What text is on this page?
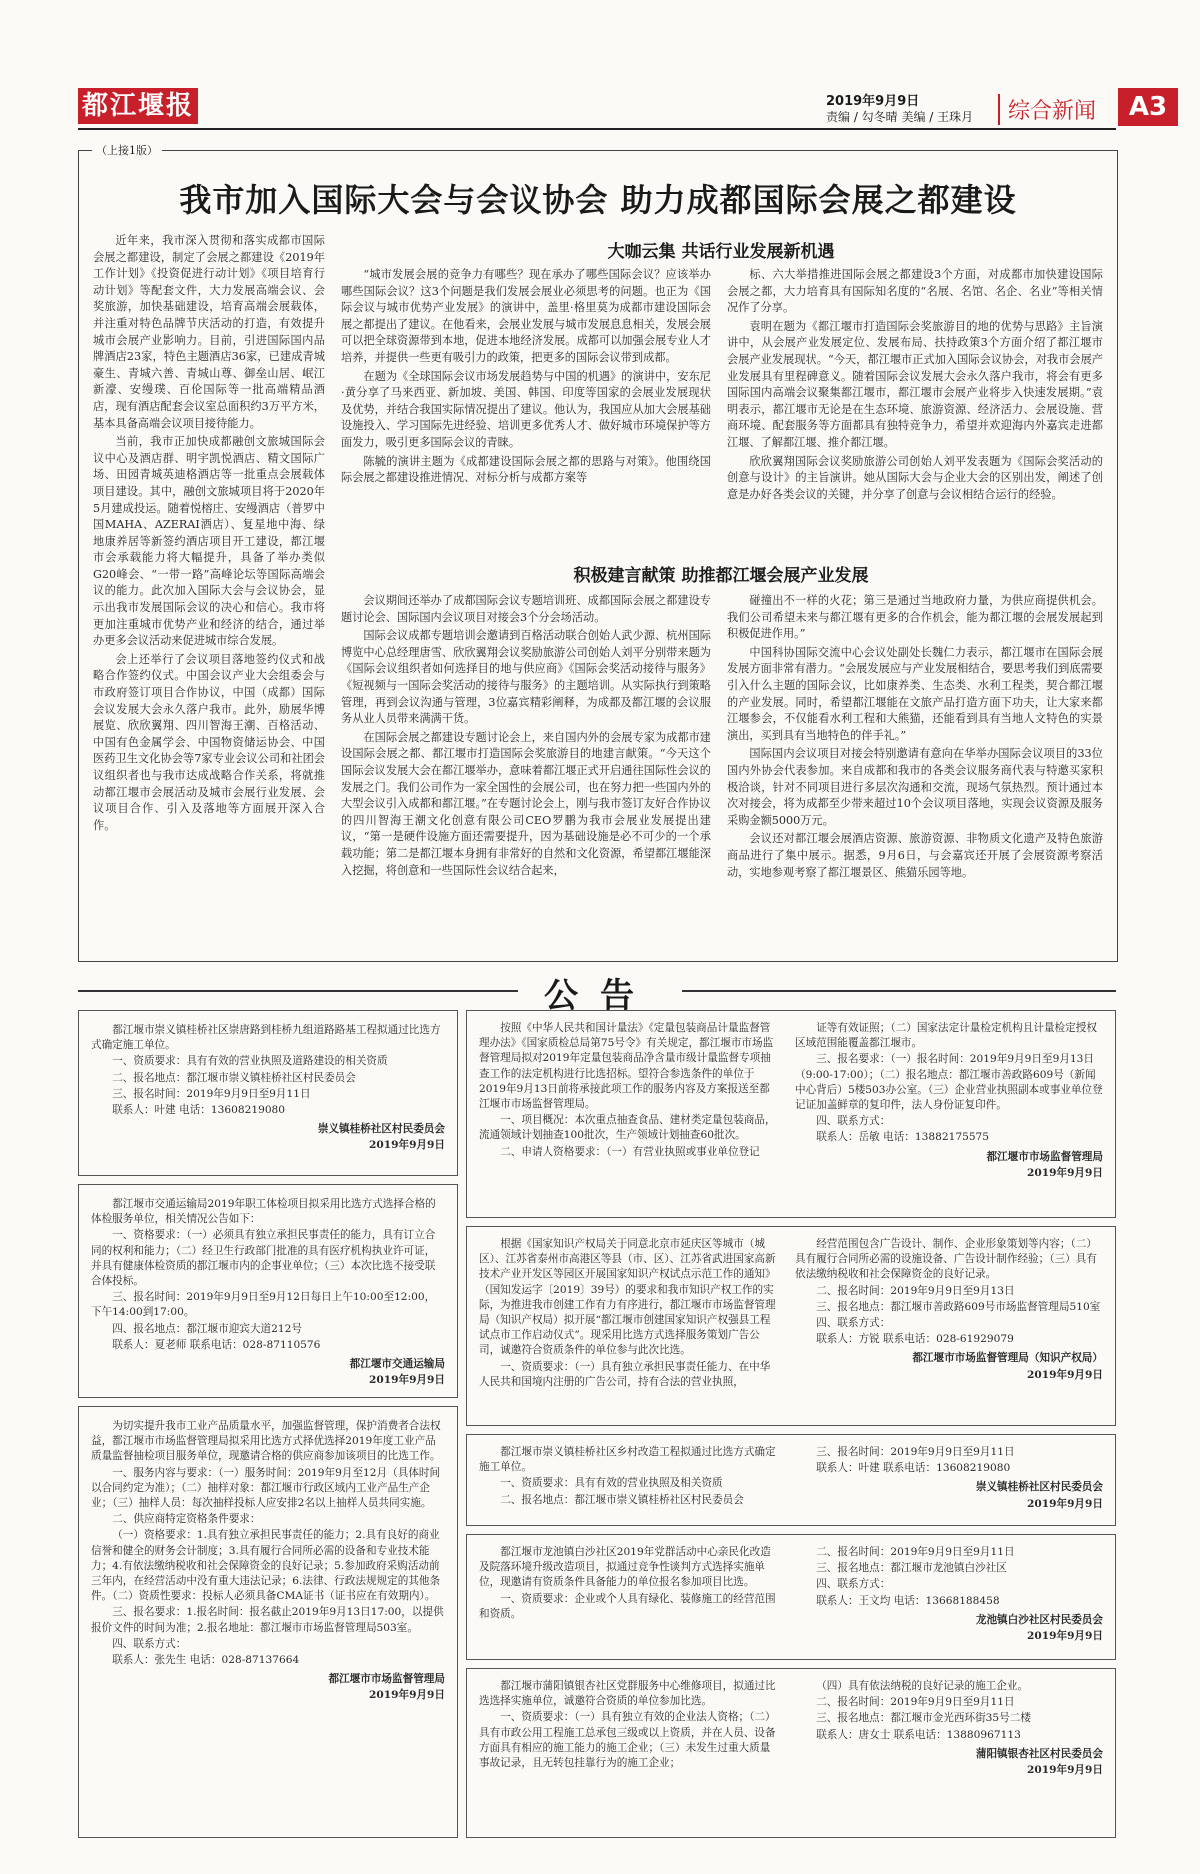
都江堰报	2019年9月9日
责编 / 勾冬晴 美编 / 王珠月	综合新闻	A3
我市加入国际大会与会议协会 助力成都国际会展之都建设

近年来，我市深入贯彻和落实成都市国际会展之都建设，制定了会展之都建设《2019年工作计划》《投资促进行动计划》《项目培育行动计划》等配套文件，大力发展高端会议、会奖旅游，加快基础建设，培育高端会展载体，并注重对特色品牌节庆活动的打造，有效提升城市会展产业影响力。目前，引进国际国内品牌酒店23家，特色主题酒店36家，已建成青城豪生、青城六善、青城山尊、御垒山居、岷江新濠、安缦璞、百伦国际等一批高端精品酒店，现有酒店配套会议室总面积约3万平方米，基本具备高端会议项目接待能力。

当前，我市正加快成都融创文旅城国际会议中心及酒店群、明宇凯悦酒店、精文国际广场、田园青城英迪格酒店等一批重点会展载体项目建设。其中，融创文旅城项目将于2020年5月建成投运。随着悦榕庄、安缦酒店（普罗中国MAHA、AZERAI酒店）、复星地中海、绿地康养居等新签约酒店项目开工建设，都江堰市会承载能力将大幅提升，具备了举办类似G20峰会、“一带一路”高峰论坛等国际高端会议的能力。此次加入国际大会与会议协会，显示出我市发展国际会议的决心和信心。我市将更加注重城市优势产业和经济的结合，通过举办更多会议活动来促进城市综合发展。

会上还举行了会议项目落地签约仪式和战略合作签约仪式。中国会议产业大会组委会与市政府签订项目合作协议，中国（成都）国际会议发展大会永久落户我市。此外，励展华博展览、欣欣翼翔、四川智海王潮、百格活动、中国有色金属学会、中国物资储运协会、中国医药卫生文化协会等7家专业会议公司和社团会议组织者也与我市达成战略合作关系，将就推动都江堰市会展活动及城市会展行业发展、会议项目合作、引入及落地等方面展开深入合作。

大咖云集 共话行业发展新机遇

“城市发展会展的竞争力有哪些？现在承办了哪些国际会议？应该举办哪些国际会议？这3个问题是我们发展会展业必须思考的问题。也正为《国际会议与城市优势产业发展》的演讲中，盖里·格里莫为成都市建设国际会展之都提出了建议。在他看来，会展业发展与城市发展息息相关，发展会展可以把全球资源带到本地，促进本地经济发展。成都可以加强会展专业人才培养，并提供一些更有吸引力的政策，把更多的国际会议带到成都。

在题为《全球国际会议市场发展趋势与中国的机遇》的演讲中，安东尼·黄分享了马来西亚、新加坡、美国、韩国、印度等国家的会展业发展现状及优势，并结合我国实际情况提出了建议。他认为，我国应从加大会展基础设施投入、学习国际先进经验、培训更多优秀人才、做好城市环境保护等方面发力，吸引更多国际会议的青睐。

陈毓的演讲主题为《成都建设国际会展之都的思路与对策》。他围绕国际会展之都建设推进情况、对标分析与成都方案等

标、六大举措推进国际会展之都建设3个方面，对成都市加快建设国际会展之都，大力培育具有国际知名度的“名展、名馆、名企、名业”等相关情况作了分享。

袁明在题为《都江堰市打造国际会奖旅游目的地的优势与思路》主旨演讲中，从会展产业发展定位、发展布局、扶持政策3个方面介绍了都江堰市会展产业发展现状。“今天，都江堰市正式加入国际会议协会，对我市会展产业发展具有里程碑意义。随着国际会议发展大会永久落户我市，将会有更多国际国内高端会议聚集都江堰市，都江堰市会展产业将步入快速发展期。”袁明表示，都江堰市无论是在生态环境、旅游资源、经济活力、会展设施、营商环境、配套服务等方面都具有独特竞争力，希望并欢迎海内外嘉宾走进都江堰、了解都江堰、推介都江堰。

欣欣翼翔国际会议奖励旅游公司创始人刘平发表题为《国际会奖活动的创意与设计》的主旨演讲。她从国际大会与企业大会的区别出发，阐述了创意是办好各类会议的关键，并分享了创意与会议相结合运行的经验。

积极建言献策 助推都江堰会展产业发展

会议期间还举办了成都国际会议专题培训班、成都国际会展之都建设专题讨论会、国际国内会议项目对接会3个分会场活动。

国际会议成都专题培训会邀请到百格活动联合创始人武少源、杭州国际博览中心总经理唐雪、欣欣翼翔会议奖励旅游公司创始人刘平分别带来题为《国际会议组织者如何选择目的地与供应商》《国际会奖活动接待与服务》《短视频与一国际会奖活动的接待与服务》的主题培训。从实际执行到策略管理，再到会议沟通与管理，3位嘉宾精彩阐释，为成都及都江堰的会议服务从业人员带来满满干货。

在国际会展之都建设专题讨论会上，来自国内外的会展专家为成都市建设国际会展之都、都江堰市打造国际会奖旅游目的地建言献策。“今天这个国际会议发展大会在都江堰举办，意味着都江堰正式开启通往国际性会议的发展之门。我们公司作为一家全国性的会展公司，也在努力把一些国内外的大型会议引入成都和都江堰。”在专题讨论会上，刚与我市签订友好合作协议的四川智海王潮文化创意有限公司CEO罗鹏为我市会展业发展提出建议，“第一是硬件设施方面还需要提升，因为基础设施是必不可少的一个承载功能；第二是都江堰本身拥有非常好的自然和文化资源，希望都江堰能深入挖掘，将创意和一些国际性会议结合起来，

碰撞出不一样的火花；第三是通过当地政府力量，为供应商提供机会。我们公司希望未来与都江堰有更多的合作机会，能为都江堰的会展发展起到积极促进作用。”

中国科协国际交流中心会议处副处长魏仁力表示，都江堰市在国际会展发展方面非常有潜力。“会展发展应与产业发展相结合，要思考我们到底需要引入什么主题的国际会议，比如康养类、生态类、水利工程类，契合都江堰的产业发展。同时，希望都江堰能在文旅产品打造方面下功夫，让大家来都江堰参会，不仅能看水利工程和大熊猫，还能看到具有当地人文特色的实景演出，买到具有当地特色的伴手礼。”

国际国内会议项目对接会特别邀请有意向在华举办国际会议项目的33位国内外协会代表参加。来自成都和我市的各类会议服务商代表与特邀买家积极洽谈，针对不同项目进行多层次沟通和交流，现场气氛热烈。预计通过本次对接会，将为成都至少带来超过10个会议项目落地，实现会议资源及服务采购金额5000万元。

会议还对都江堰会展酒店资源、旅游资源、非物质文化遗产及特色旅游商品进行了集中展示。据悉，9月6日，与会嘉宾还开展了会展资源考察活动，实地参观考察了都江堰景区、熊猫乐园等地。

（上接1版）
公告

都江堰市崇义镇桂桥社区崇唐路到桂桥九组道路路基工程拟通过比选方式确定施工单位。

一、资质要求：具有有效的营业执照及道路建设的相关资质

二、报名地点：都江堰市崇义镇桂桥社区村民委员会

三、报名时间：2019年9月9日至9月11日

联系人：叶建 电话：13608219080

崇义镇桂桥社区村民委员会

2019年9月9日

都江堰市交通运输局2019年职工体检项目拟采用比选方式选择合格的体检服务单位，相关情况公告如下：

一、资格要求：（一）必须具有独立承担民事责任的能力，具有订立合同的权利和能力；（二）经卫生行政部门批准的具有医疗机构执业许可证，并具有健康体检资质的都江堰市内的企事业单位；（三）本次比选不接受联合体投标。

三、报名时间：2019年9月9日至9月12日每日上午10:00至12:00，下午14:00到17:00。

四、报名地点：都江堰市迎宾大道212号

联系人：夏老师 联系电话：028-87110576

都江堰市交通运输局

2019年9月9日

为切实提升我市工业产品质量水平，加强监督管理，保护消费者合法权益，都江堰市市场监督管理局拟采用比选方式择优选择2019年度工业产品质量监督抽检项目服务单位，现邀请合格的供应商参加该项目的比选工作。

一、服务内容与要求：（一）服务时间：2019年9月至12月（具体时间以合同约定为准）；（二）抽样对象：都江堰市行政区域内工业产品生产企业；（三）抽样人员：每次抽样投标人应安排2名以上抽样人员共同实施。

二、供应商特定资格条件要求：

（一）资格要求：1.具有独立承担民事责任的能力；2.具有良好的商业信誉和健全的财务会计制度；3.具有履行合同所必需的设备和专业技术能力；4.有依法缴纳税收和社会保障资金的良好记录；5.参加政府采购活动前三年内，在经营活动中没有重大违法记录；6.法律、行政法规规定的其他条件。（二）资质性要求：投标人必须具备CMA证书（证书应在有效期内）。

三、报名要求：1.报名时间：报名截止2019年9月13日17:00，以提供报价文件的时间为准；2.报名地址：都江堰市市场监督管理局503室。

四、联系方式：

联系人：张先生 电话：028-87137664

都江堰市市场监督管理局

2019年9月9日

按照《中华人民共和国计量法》《定量包装商品计量监督管理办法》《国家质检总局第75号令》有关规定，都江堰市市场监督管理局拟对2019年定量包装商品净含量市级计量监督专项抽查工作的法定机构进行比选招标。望符合参选条件的单位于2019年9月13日前将承接此项工作的服务内容及方案报送至都江堰市市场监督管理局。

一、项目概况：本次重点抽查食品、建材类定量包装商品，流通领域计划抽查100批次，生产领域计划抽查60批次。

二、申请人资格要求：（一）有营业执照或事业单位登记

证等有效证照；（二）国家法定计量检定机构且计量检定授权区域范围能覆盖都江堰市。

三、报名要求：（一）报名时间：2019年9月9日至9月13日（9:00-17:00）；（二）报名地点：都江堰市善政路609号（新闻中心背后）5楼503办公室。（三）企业营业执照副本或事业单位登记证加盖鲜章的复印件，法人身份证复印件。

四、联系方式：

联系人：岳敏 电话：13882175575

都江堰市市场监督管理局

2019年9月9日

根据《国家知识产权局关于同意北京市延庆区等城市（城区）、江苏省泰州市高港区等县（市、区）、江苏省武进国家高新技术产业开发区等园区开展国家知识产权试点示范工作的通知》（国知发运字〔2019〕39号）的要求和我市知识产权工作的实际，为推进我市创建工作有力有序进行，都江堰市市场监督管理局（知识产权局）拟开展“都江堰市创建国家知识产权强县工程试点市工作启动仪式”。现采用比选方式选择服务策划广告公司，诚邀符合资质条件的单位参与此次比选。

一、资质要求：（一）具有独立承担民事责任能力、在中华人民共和国境内注册的广告公司，持有合法的营业执照，

经营范围包含广告设计、制作、企业形象策划等内容；（二）具有履行合同所必需的设施设备、广告设计制作经验；（三）具有依法缴纳税收和社会保障资金的良好记录。

二、报名时间：2019年9月9日至9月13日

三、报名地点：都江堰市善政路609号市场监督管理局510室

四、联系方式：

联系人：方锐 联系电话：028-61929079

都江堰市市场监督管理局（知识产权局）

2019年9月9日

都江堰市崇义镇桂桥社区乡村改造工程拟通过比选方式确定施工单位。

一、资质要求：具有有效的营业执照及相关资质

二、报名地点：都江堰市崇义镇桂桥社区村民委员会

三、报名时间：2019年9月9日至9月11日

联系人：叶建 联系电话：13608219080

崇义镇桂桥社区村民委员会

2019年9月9日

都江堰市龙池镇白沙社区2019年党群活动中心亲民化改造及院落环境升级改造项目，拟通过竞争性谈判方式选择实施单位，现邀请有资质条件具备能力的单位报名参加项目比选。

一、资质要求：企业或个人具有绿化、装修施工的经营范围和资质。

二、报名时间：2019年9月9日至9月11日

三、报名地点：都江堰市龙池镇白沙社区

四、联系方式：

联系人：王文均 电话：13668188458

龙池镇白沙社区村民委员会

2019年9月9日

都江堰市蒲阳镇银杏社区党群服务中心维修项目，拟通过比选选择实施单位，诚邀符合资质的单位参加比选。

一、资质要求：（一）具有独立有效的企业法人资格；（二）具有市政公用工程施工总承包三级或以上资质，并在人员、设备方面具有相应的施工能力的施工企业；（三）未发生过重大质量事故记录，且无转包挂靠行为的施工企业；

（四）具有依法纳税的良好记录的施工企业。

二、报名时间：2019年9月9日至9月11日

三、报名地点：都江堰市金光西环街35号二楼

联系人：唐女士 联系电话：13880967113

蒲阳镇银杏社区村民委员会

2019年9月9日
